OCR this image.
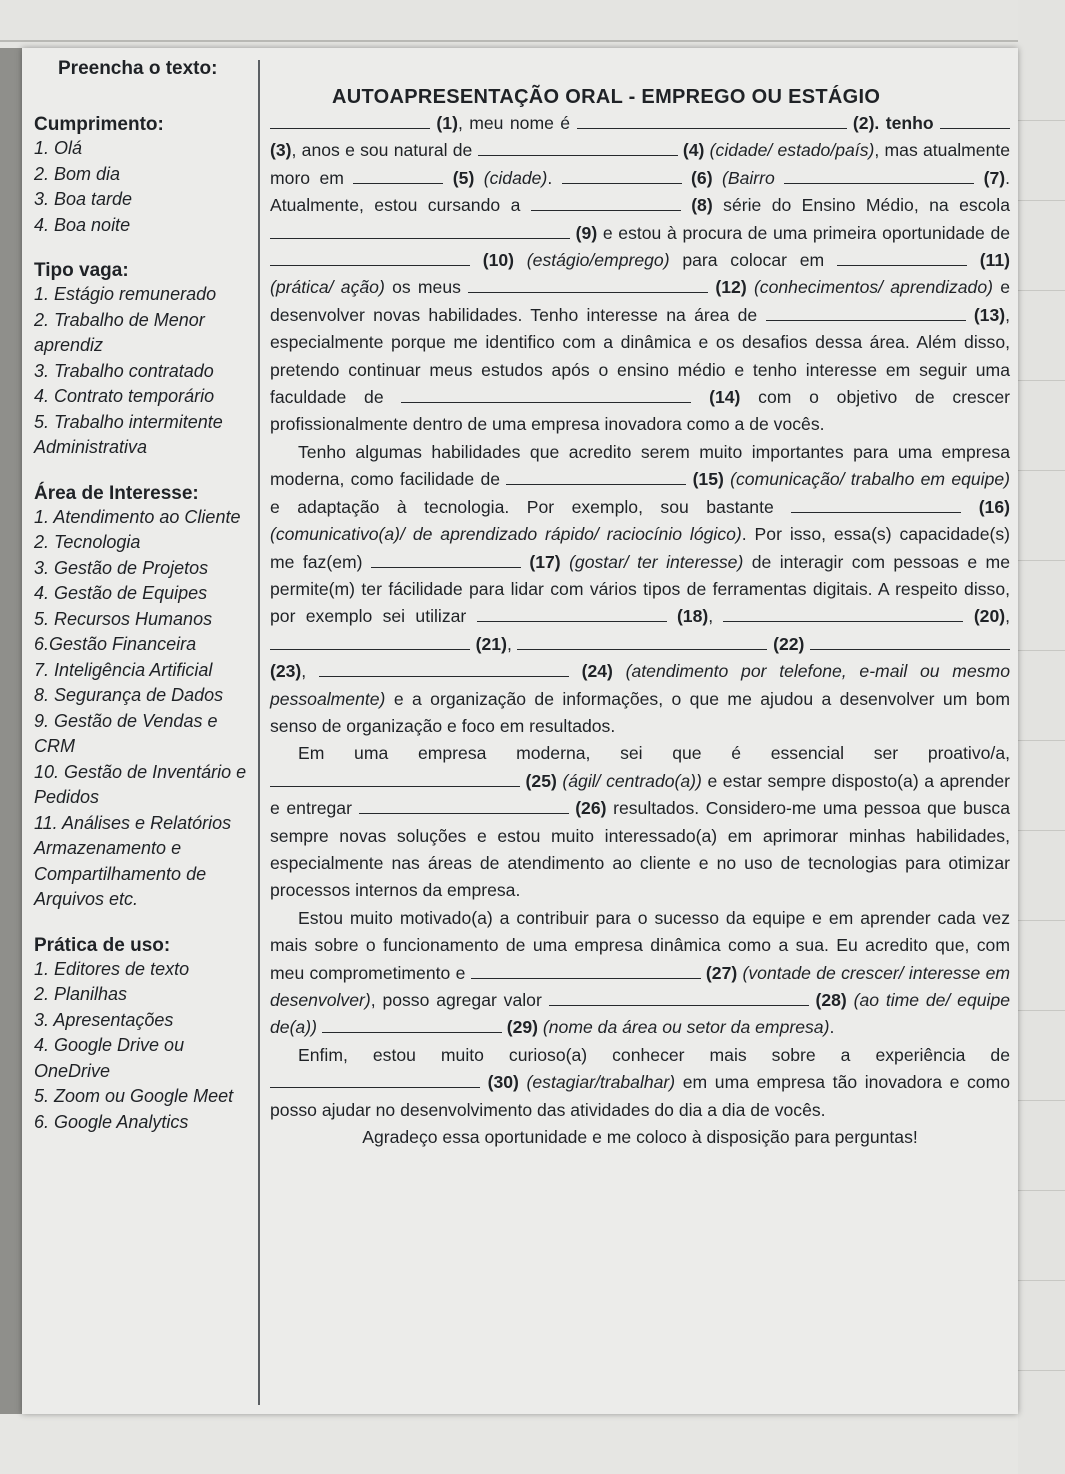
Preencha o texto:
AUTOAPRESENTAÇÃO ORAL - EMPREGO OU ESTÁGIO

Cumprimento:

1. Olá
2. Bom dia
3. Boa tarde
4. Boa noite

Tipo vaga:

1. Estágio remunerado
2. Trabalho de Menor aprendiz
3. Trabalho contratado
4. Contrato temporário
5. Trabalho intermitente
Administrativa

Área de Interesse:

1. Atendimento ao Cliente
2. Tecnologia
3. Gestão de Projetos
4. Gestão de Equipes
5. Recursos Humanos
6.Gestão Financeira
7. Inteligência Artificial
8. Segurança de Dados
9. Gestão de Vendas e CRM
10. Gestão de Inventário e Pedidos
11. Análises e Relatórios
Armazenamento e Compartilhamento de Arquivos etc.

Prática de uso:

1. Editores de texto
2. Planilhas
3. Apresentações
4. Google Drive ou OneDrive
5. Zoom ou Google Meet
6. Google Analytics

(1), meu nome é	(2). tenho  (3), anos e sou natural de	(4) (cidade/ estado/país), mas atualmente moro em	(5) (cidade).	(6) (Bairro	(7). Atualmente, estou cursando a	(8) série do Ensino Médio, na escola  (9) e estou à procura de uma primeira oportunidade de  (10) (estágio/emprego) para colocar em	(11) (prática/ ação) os meus	(12) (conhecimentos/ aprendizado) e desenvolver novas habilidades. Tenho interesse na área de	(13), especialmente porque me identifico com a dinâmica e os desafios dessa área. Além disso, pretendo continuar meus estudos após o ensino médio e tenho interesse em seguir uma faculdade de	(14) com o objetivo de crescer profissionalmente dentro de uma empresa inovadora como a de vocês.

Tenho algumas habilidades que acredito serem muito importantes para uma empresa moderna, como facilidade de	(15) (comunicação/ trabalho em equipe) e adaptação à tecnologia. Por exemplo, sou bastante	(16) (comunicativo(a)/ de aprendizado rápido/ raciocínio lógico). Por isso, essa(s) capacidade(s) me faz(em)	(17) (gostar/ ter interesse) de interagir com pessoas e me permite(m) ter fácilidade para lidar com vários tipos de ferramentas digitais. A respeito disso, por exemplo sei utilizar	(18),	(20),  (21),	(22)  (23),	(24) (atendimento por telefone, e-mail ou mesmo pessoalmente) e a organização de informações, o que me ajudou a desenvolver um bom senso de organização e foco em resultados.

Em uma empresa moderna, sei que é essencial ser proativo/a,  (25) (ágil/ centrado(a)) e estar sempre disposto(a) a aprender e entregar	(26) resultados. Considero-me uma pessoa que busca sempre novas soluções e estou muito interessado(a) em aprimorar minhas habilidades, especialmente nas áreas de atendimento ao cliente e no uso de tecnologias para otimizar processos internos da empresa.

Estou muito motivado(a) a contribuir para o sucesso da equipe e em aprender cada vez mais sobre o funcionamento de uma empresa dinâmica como a sua. Eu acredito que, com meu comprometimento e	(27) (vontade de crescer/ interesse em desenvolver), posso agregar valor	(28) (ao time de/ equipe de(a))	(29) (nome da área ou setor da empresa).

Enfim, estou muito curioso(a) conhecer mais sobre a experiência de  (30) (estagiar/trabalhar) em uma empresa tão inovadora e como posso ajudar no desenvolvimento das atividades do dia a dia de vocês.

Agradeço essa oportunidade e me coloco à disposição para perguntas!
